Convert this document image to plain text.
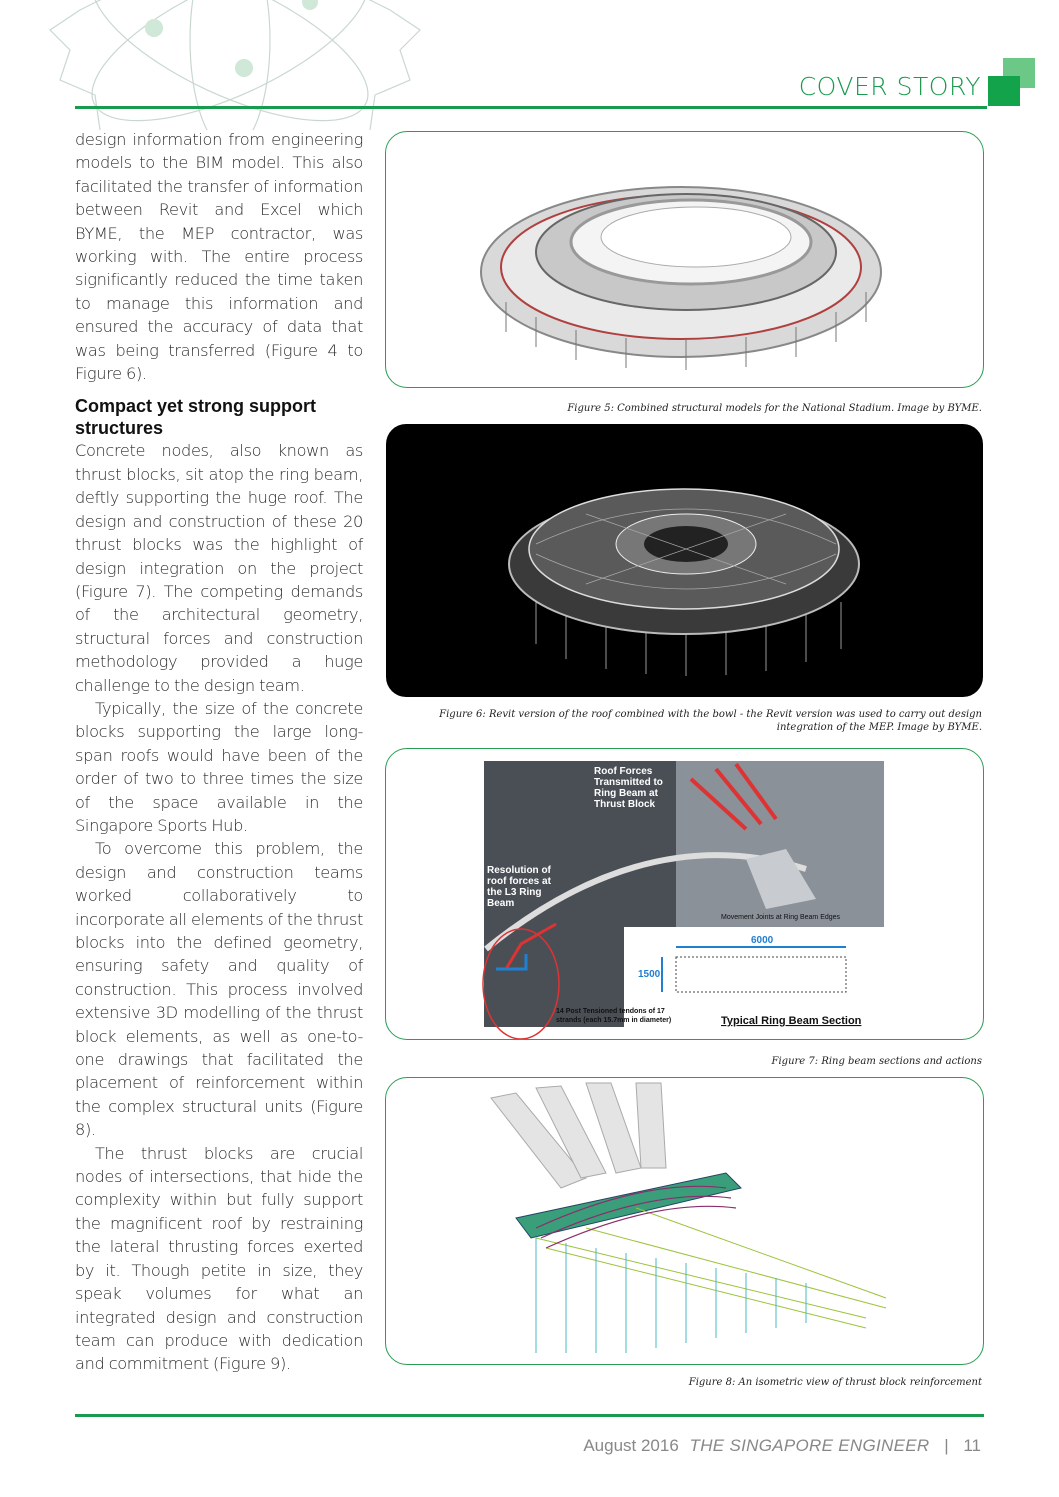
COVER STORY

design information from engineering models to the BIM model. This also facilitated the transfer of information between Revit and Excel which BYME, the MEP contractor, was working with. The entire process significantly reduced the time taken to manage this information and ensured the accuracy of data that was being transferred (Figure 4 to Figure 6).

Compact yet strong support structures

Concrete nodes, also known as thrust blocks, sit atop the ring beam, deftly supporting the huge roof. The design and construction of these 20 thrust blocks was the highlight of design integration on the project (Figure 7). The competing demands of the architectural geometry, structural forces and construction methodology provided a huge challenge to the design team.

Typically, the size of the concrete blocks supporting the large long-span roofs would have been of the order of two to three times the size of the space available in the Singapore Sports Hub.

To overcome this problem, the design and construction teams worked collaboratively to incorporate all elements of the thrust blocks into the defined geometry, ensuring safety and quality of construction. This process involved extensive 3D modelling of the thrust block elements, as well as one-to-one drawings that facilitated the placement of reinforcement within the complex structural units (Figure 8).

The thrust blocks are crucial nodes of intersections, that hide the complexity within but fully support the magnificent roof by restraining the lateral thrusting forces exerted by it. Though petite in size, they speak volumes for what an integrated design and construction team can produce with dedication and commitment (Figure 9).

Figure 5: Combined structural models for the National Stadium. Image by BYME.
Figure 6: Revit version of the roof combined with the bowl - the Revit version was used to carry out design
integration of the MEP. Image by BYME.
Roof Forces
Transmitted to
Ring Beam at
Thrust Block
Resolution of
roof forces at
the L3 Ring
Beam
Movement Joints at Ring Beam Edges
6000
1500
14 Post Tensioned tendons of 17
strands (each 15.7mm in diameter)	Typical Ring Beam Section
Figure 7: Ring beam sections and actions
Figure 8: An isometric view of thrust block reinforcement
August 2016 THE SINGAPORE ENGINEER | 11
